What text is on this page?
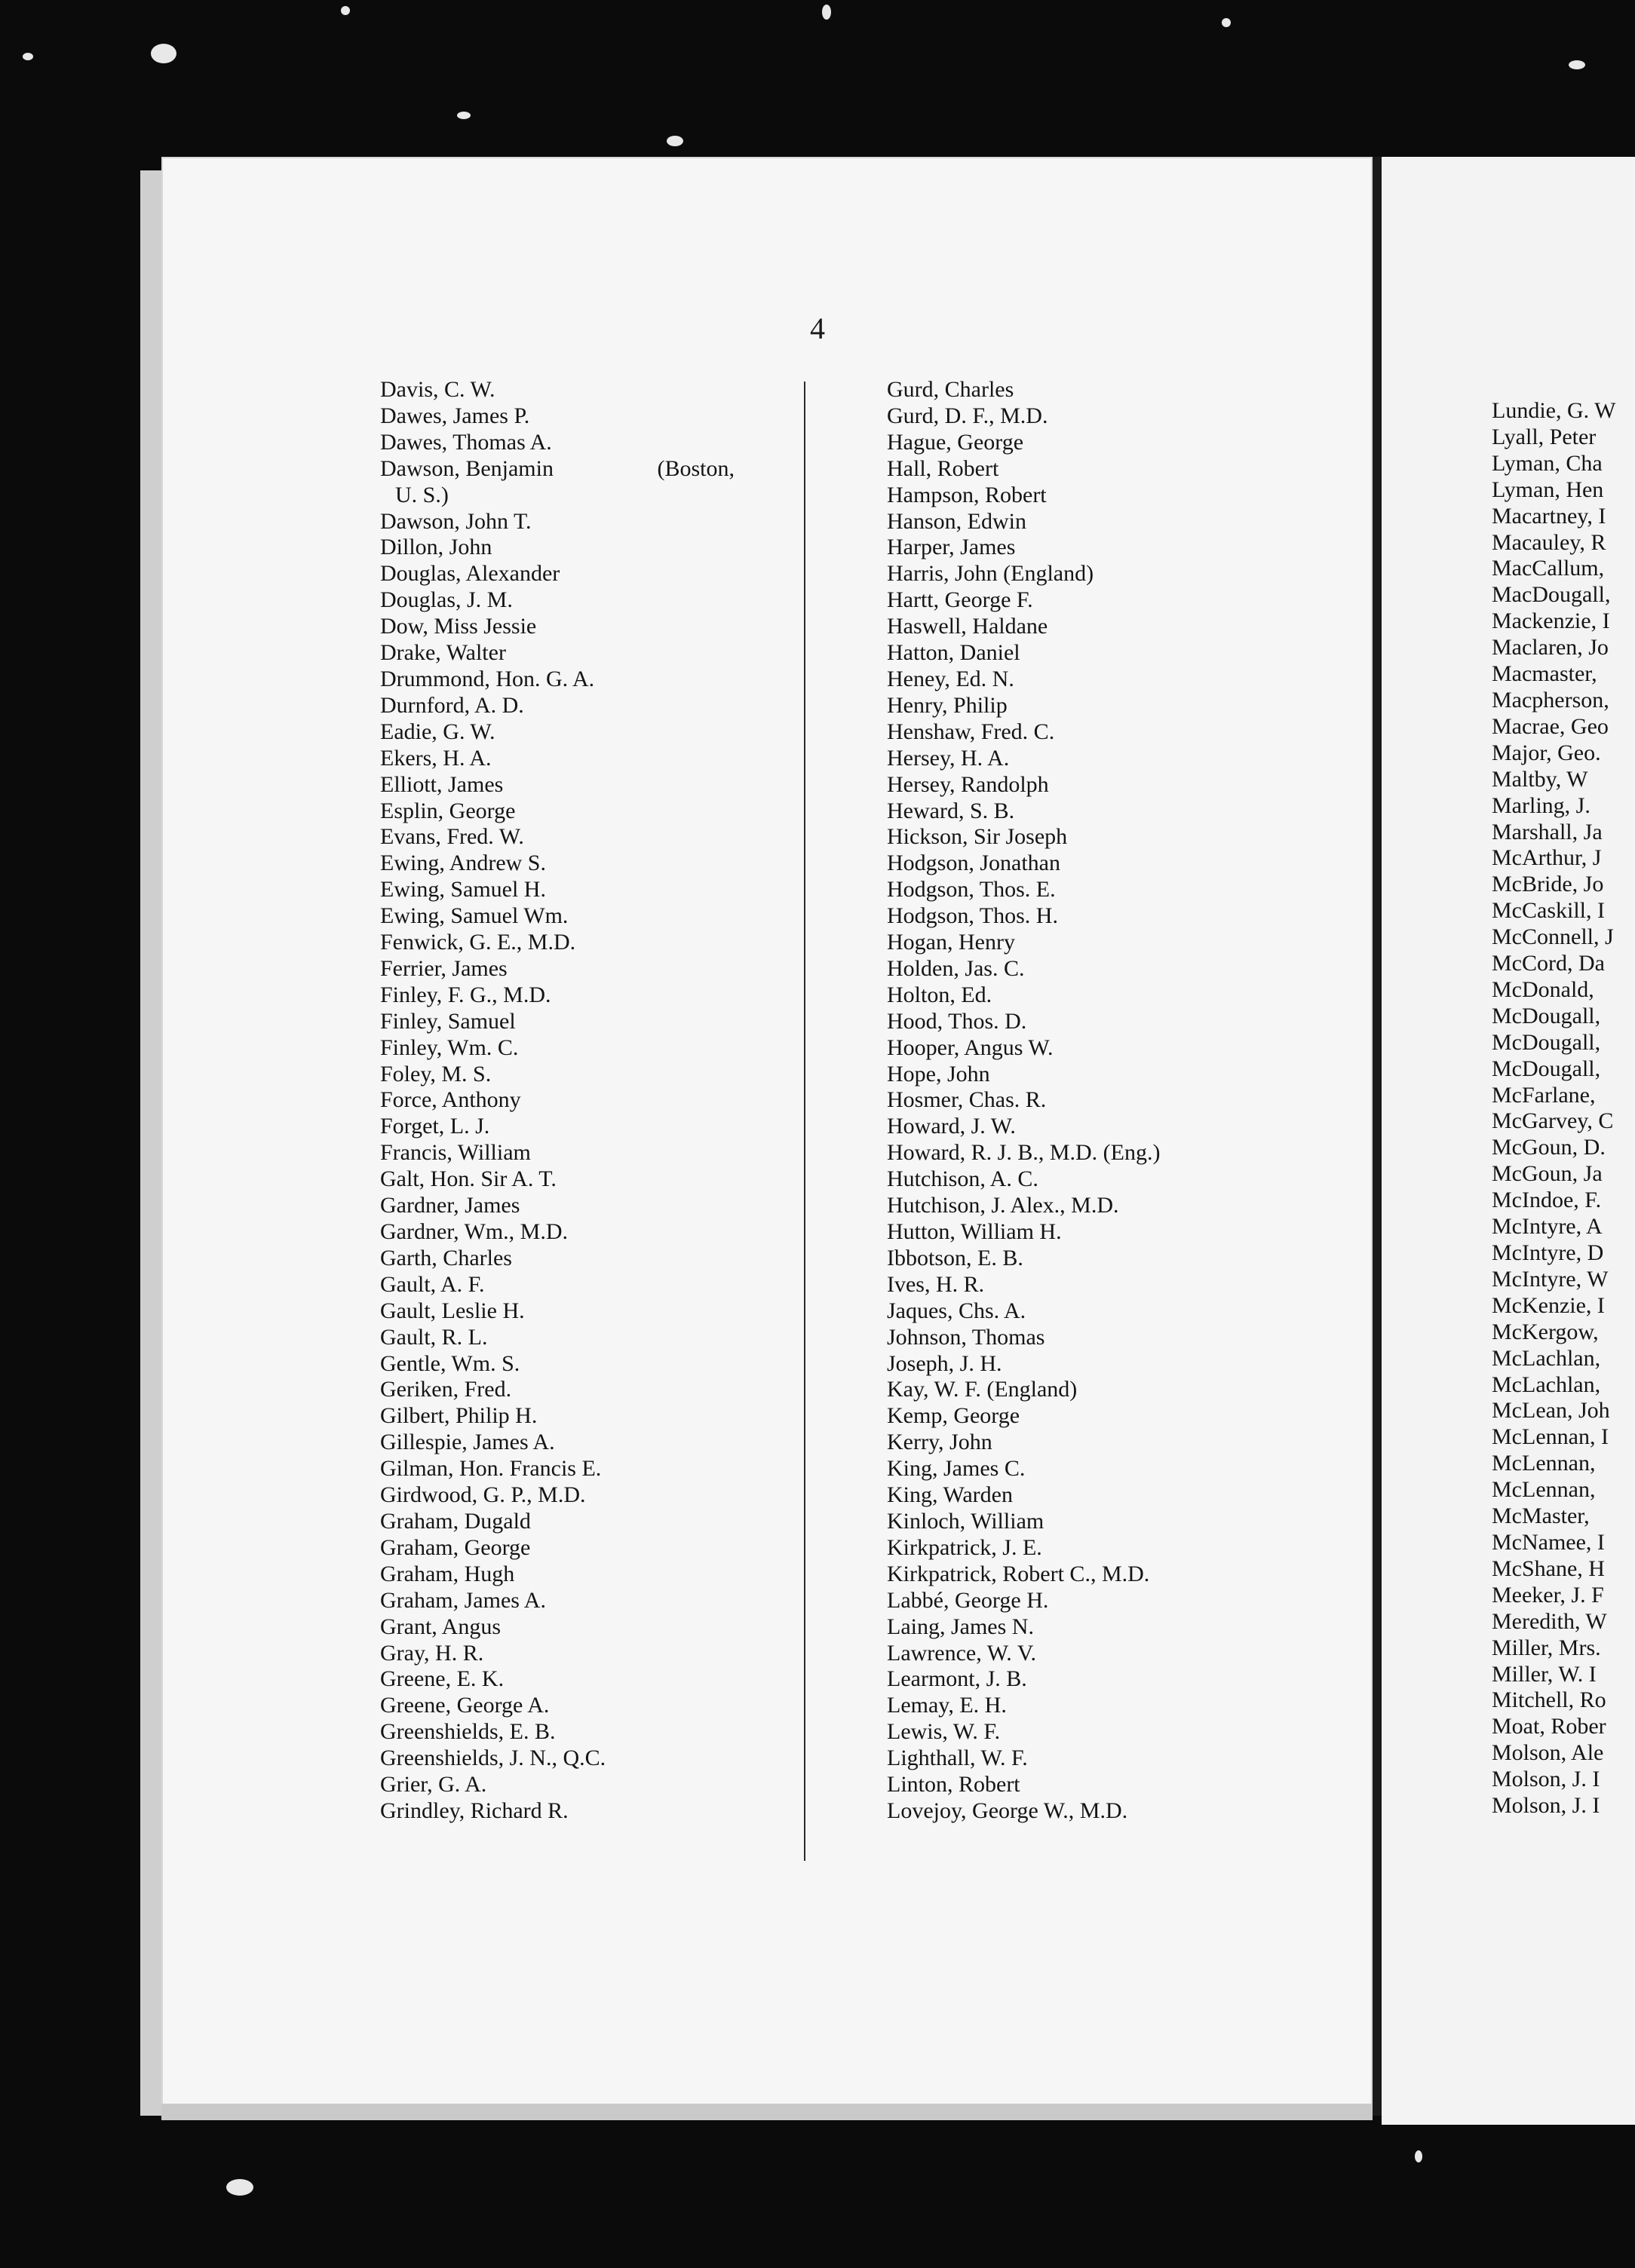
4
Davis, C. W.
Dawes, James P.
Dawes, Thomas A.
Dawson, Benjamin	(Boston,
U. S.)
Dawson, John T.
Dillon, John
Douglas, Alexander
Douglas, J. M.
Dow, Miss Jessie
Drake, Walter
Drummond, Hon. G. A.
Durnford, A. D.
Eadie, G. W.
Ekers, H. A.
Elliott, James
Esplin, George
Evans, Fred. W.
Ewing, Andrew S.
Ewing, Samuel H.
Ewing, Samuel Wm.
Fenwick, G. E., M.D.
Ferrier, James
Finley, F. G., M.D.
Finley, Samuel
Finley, Wm. C.
Foley, M. S.
Force, Anthony
Forget, L. J.
Francis, William
Galt, Hon. Sir A. T.
Gardner, James
Gardner, Wm., M.D.
Garth, Charles
Gault, A. F.
Gault, Leslie H.
Gault, R. L.
Gentle, Wm. S.
Geriken, Fred.
Gilbert, Philip H.
Gillespie, James A.
Gilman, Hon. Francis E.
Girdwood, G. P., M.D.
Graham, Dugald
Graham, George
Graham, Hugh
Graham, James A.
Grant, Angus
Gray, H. R.
Greene, E. K.
Greene, George A.
Greenshields, E. B.
Greenshields, J. N., Q.C.
Grier, G. A.
Grindley, Richard R.
Gurd, Charles
Gurd, D. F., M.D.
Hague, George
Hall, Robert
Hampson, Robert
Hanson, Edwin
Harper, James
Harris, John (England)
Hartt, George F.
Haswell, Haldane
Hatton, Daniel
Heney, Ed. N.
Henry, Philip
Henshaw, Fred. C.
Hersey, H. A.
Hersey, Randolph
Heward, S. B.
Hickson, Sir Joseph
Hodgson, Jonathan
Hodgson, Thos. E.
Hodgson, Thos. H.
Hogan, Henry
Holden, Jas. C.
Holton, Ed.
Hood, Thos. D.
Hooper, Angus W.
Hope, John
Hosmer, Chas. R.
Howard, J. W.
Howard, R. J. B., M.D. (Eng.)
Hutchison, A. C.
Hutchison, J. Alex., M.D.
Hutton, William H.
Ibbotson, E. B.
Ives, H. R.
Jaques, Chs. A.
Johnson, Thomas
Joseph, J. H.
Kay, W. F. (England)
Kemp, George
Kerry, John
King, James C.
King, Warden
Kinloch, William
Kirkpatrick, J. E.
Kirkpatrick, Robert C., M.D.
Labbé, George H.
Laing, James N.
Lawrence, W. V.
Learmont, J. B.
Lemay, E. H.
Lewis, W. F.
Lighthall, W. F.
Linton, Robert
Lovejoy, George W., M.D.
Lundie, G. W
Lyall, Peter
Lyman, Cha
Lyman, Hen
Macartney, I
Macauley, R
MacCallum,
MacDougall,
Mackenzie, I
Maclaren, Jo
Macmaster,
Macpherson,
Macrae, Geo
Major, Geo.
Maltby, W
Marling, J.
Marshall, Ja
McArthur, J
McBride, Jo
McCaskill, I
McConnell, J
McCord, Da
McDonald,
McDougall,
McDougall,
McDougall,
McFarlane,
McGarvey, C
McGoun, D.
McGoun, Ja
McIndoe, F.
McIntyre, A
McIntyre, D
McIntyre, W
McKenzie, I
McKergow,
McLachlan,
McLachlan,
McLean, Joh
McLennan, I
McLennan,
McLennan,
McMaster,
McNamee, I
McShane, H
Meeker, J. F
Meredith, W
Miller, Mrs.
Miller, W. I
Mitchell, Ro
Moat, Rober
Molson, Ale
Molson, J. I
Molson, J. I
